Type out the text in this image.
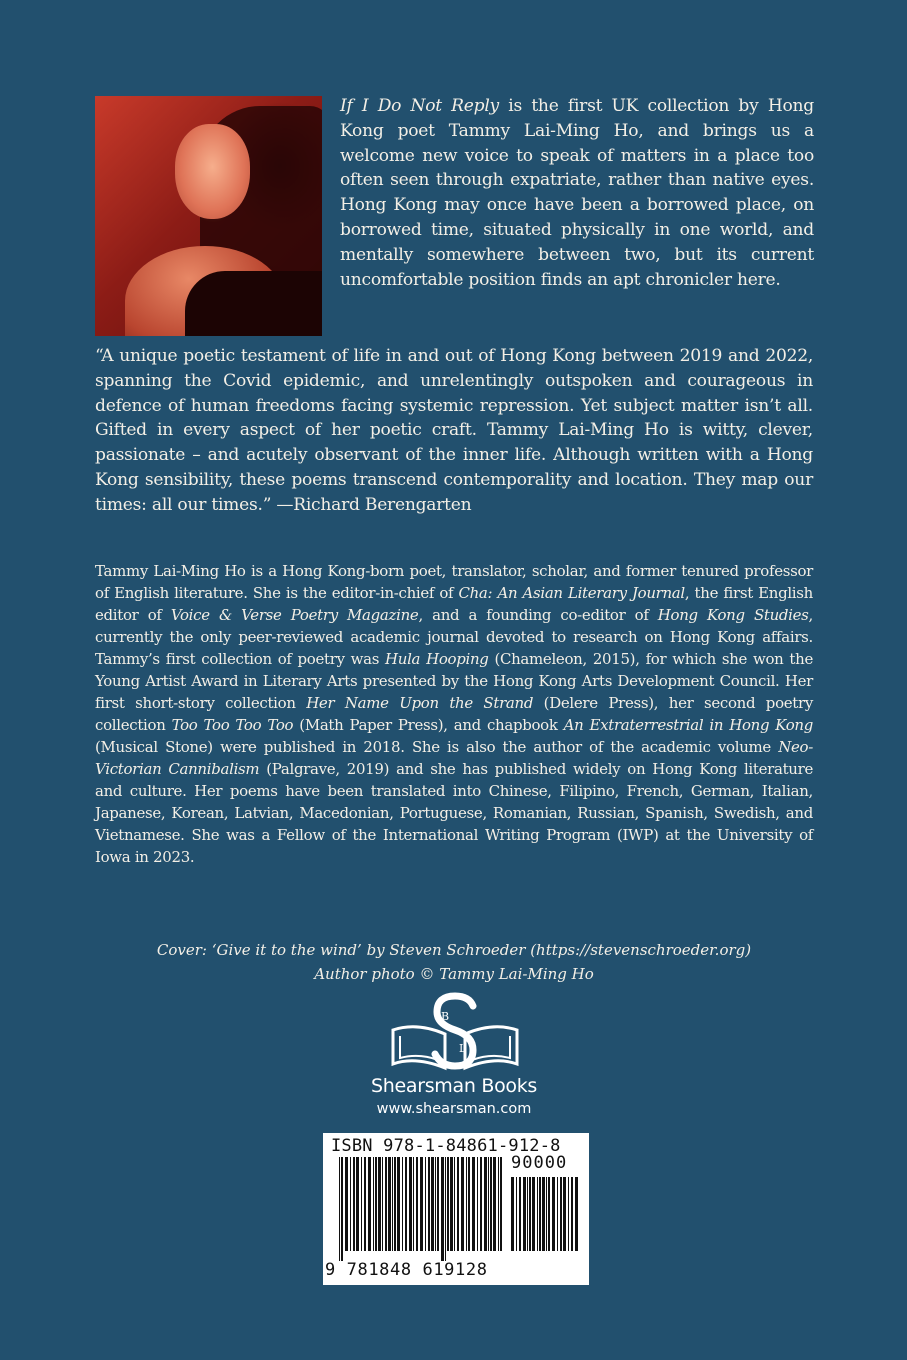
If I Do Not Reply is the first UK collection by Hong Kong poet Tammy Lai-Ming Ho, and brings us a welcome new voice to speak of matters in a place too often seen through expatriate, rather than native eyes. Hong Kong may once have been a borrowed place, on borrowed time, situated physically in one world, and mentally somewhere between two, but its current uncomfortable position finds an apt chronicler here.

“A unique poetic testament of life in and out of Hong Kong between 2019 and 2022, spanning the Covid epidemic, and unrelentingly outspoken and courageous in defence of human freedoms facing systemic repression. Yet subject matter isn’t all. Gifted in every aspect of her poetic craft. Tammy Lai-Ming Ho is witty, clever, passionate – and acutely observant of the inner life. Although written with a Hong Kong sensibility, these poems transcend contemporality and location. They map our times: all our times.” —Richard Berengarten

Tammy Lai-Ming Ho is a Hong Kong-born poet, translator, scholar, and former tenured professor of English literature. She is the editor-in-chief of Cha: An Asian Literary Journal, the first English editor of Voice & Verse Poetry Magazine, and a founding co-editor of Hong Kong Studies, currently the only peer-reviewed academic journal devoted to research on Hong Kong affairs. Tammy’s first collection of poetry was Hula Hooping (Chameleon, 2015), for which she won the Young Artist Award in Literary Arts presented by the Hong Kong Arts Development Council. Her first short-story collection Her Name Upon the Strand (Delere Press), her second poetry collection Too Too Too Too (Math Paper Press), and chapbook An Extraterrestrial in Hong Kong (Musical Stone) were published in 2018. She is also the author of the academic volume Neo-Victorian Cannibalism (Palgrave, 2019) and she has published widely on Hong Kong literature and culture. Her poems have been translated into Chinese, Filipino, French, German, Italian, Japanese, Korean, Latvian, Macedonian, Portuguese, Romanian, Russian, Spanish, Swedish, and Vietnamese. She was a Fellow of the International Writing Program (IWP) at the University of Iowa in 2023.

Cover: ‘Give it to the wind’ by Steven Schroeder (https://stevenschroeder.org)
Author photo © Tammy Lai-Ming Ho
B
L
Shearsman Books
www.shearsman.com
ISBN 978-1-84861-912-8
90000
9 781848 619128
